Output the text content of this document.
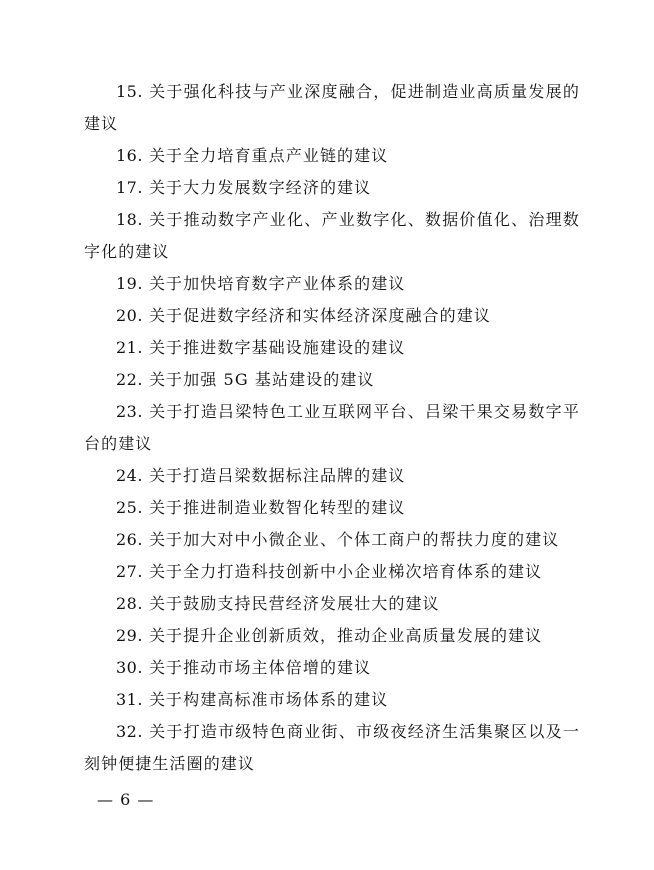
15. 关于强化科技与产业深度融合，促进制造业高质量发展的建议
16. 关于全力培育重点产业链的建议
17. 关于大力发展数字经济的建议
18. 关于推动数字产业化、产业数字化、数据价值化、治理数字化的建议
19. 关于加快培育数字产业体系的建议
20. 关于促进数字经济和实体经济深度融合的建议
21. 关于推进数字基础设施建设的建议
22. 关于加强 5G 基站建设的建议
23. 关于打造吕梁特色工业互联网平台、吕梁干果交易数字平台的建议
24. 关于打造吕梁数据标注品牌的建议
25. 关于推进制造业数智化转型的建议
26. 关于加大对中小微企业、个体工商户的帮扶力度的建议
27. 关于全力打造科技创新中小企业梯次培育体系的建议
28. 关于鼓励支持民营经济发展壮大的建议
29. 关于提升企业创新质效，推动企业高质量发展的建议
30. 关于推动市场主体倍增的建议
31. 关于构建高标准市场体系的建议
32. 关于打造市级特色商业街、市级夜经济生活集聚区以及一刻钟便捷生活圈的建议
— 6 —
